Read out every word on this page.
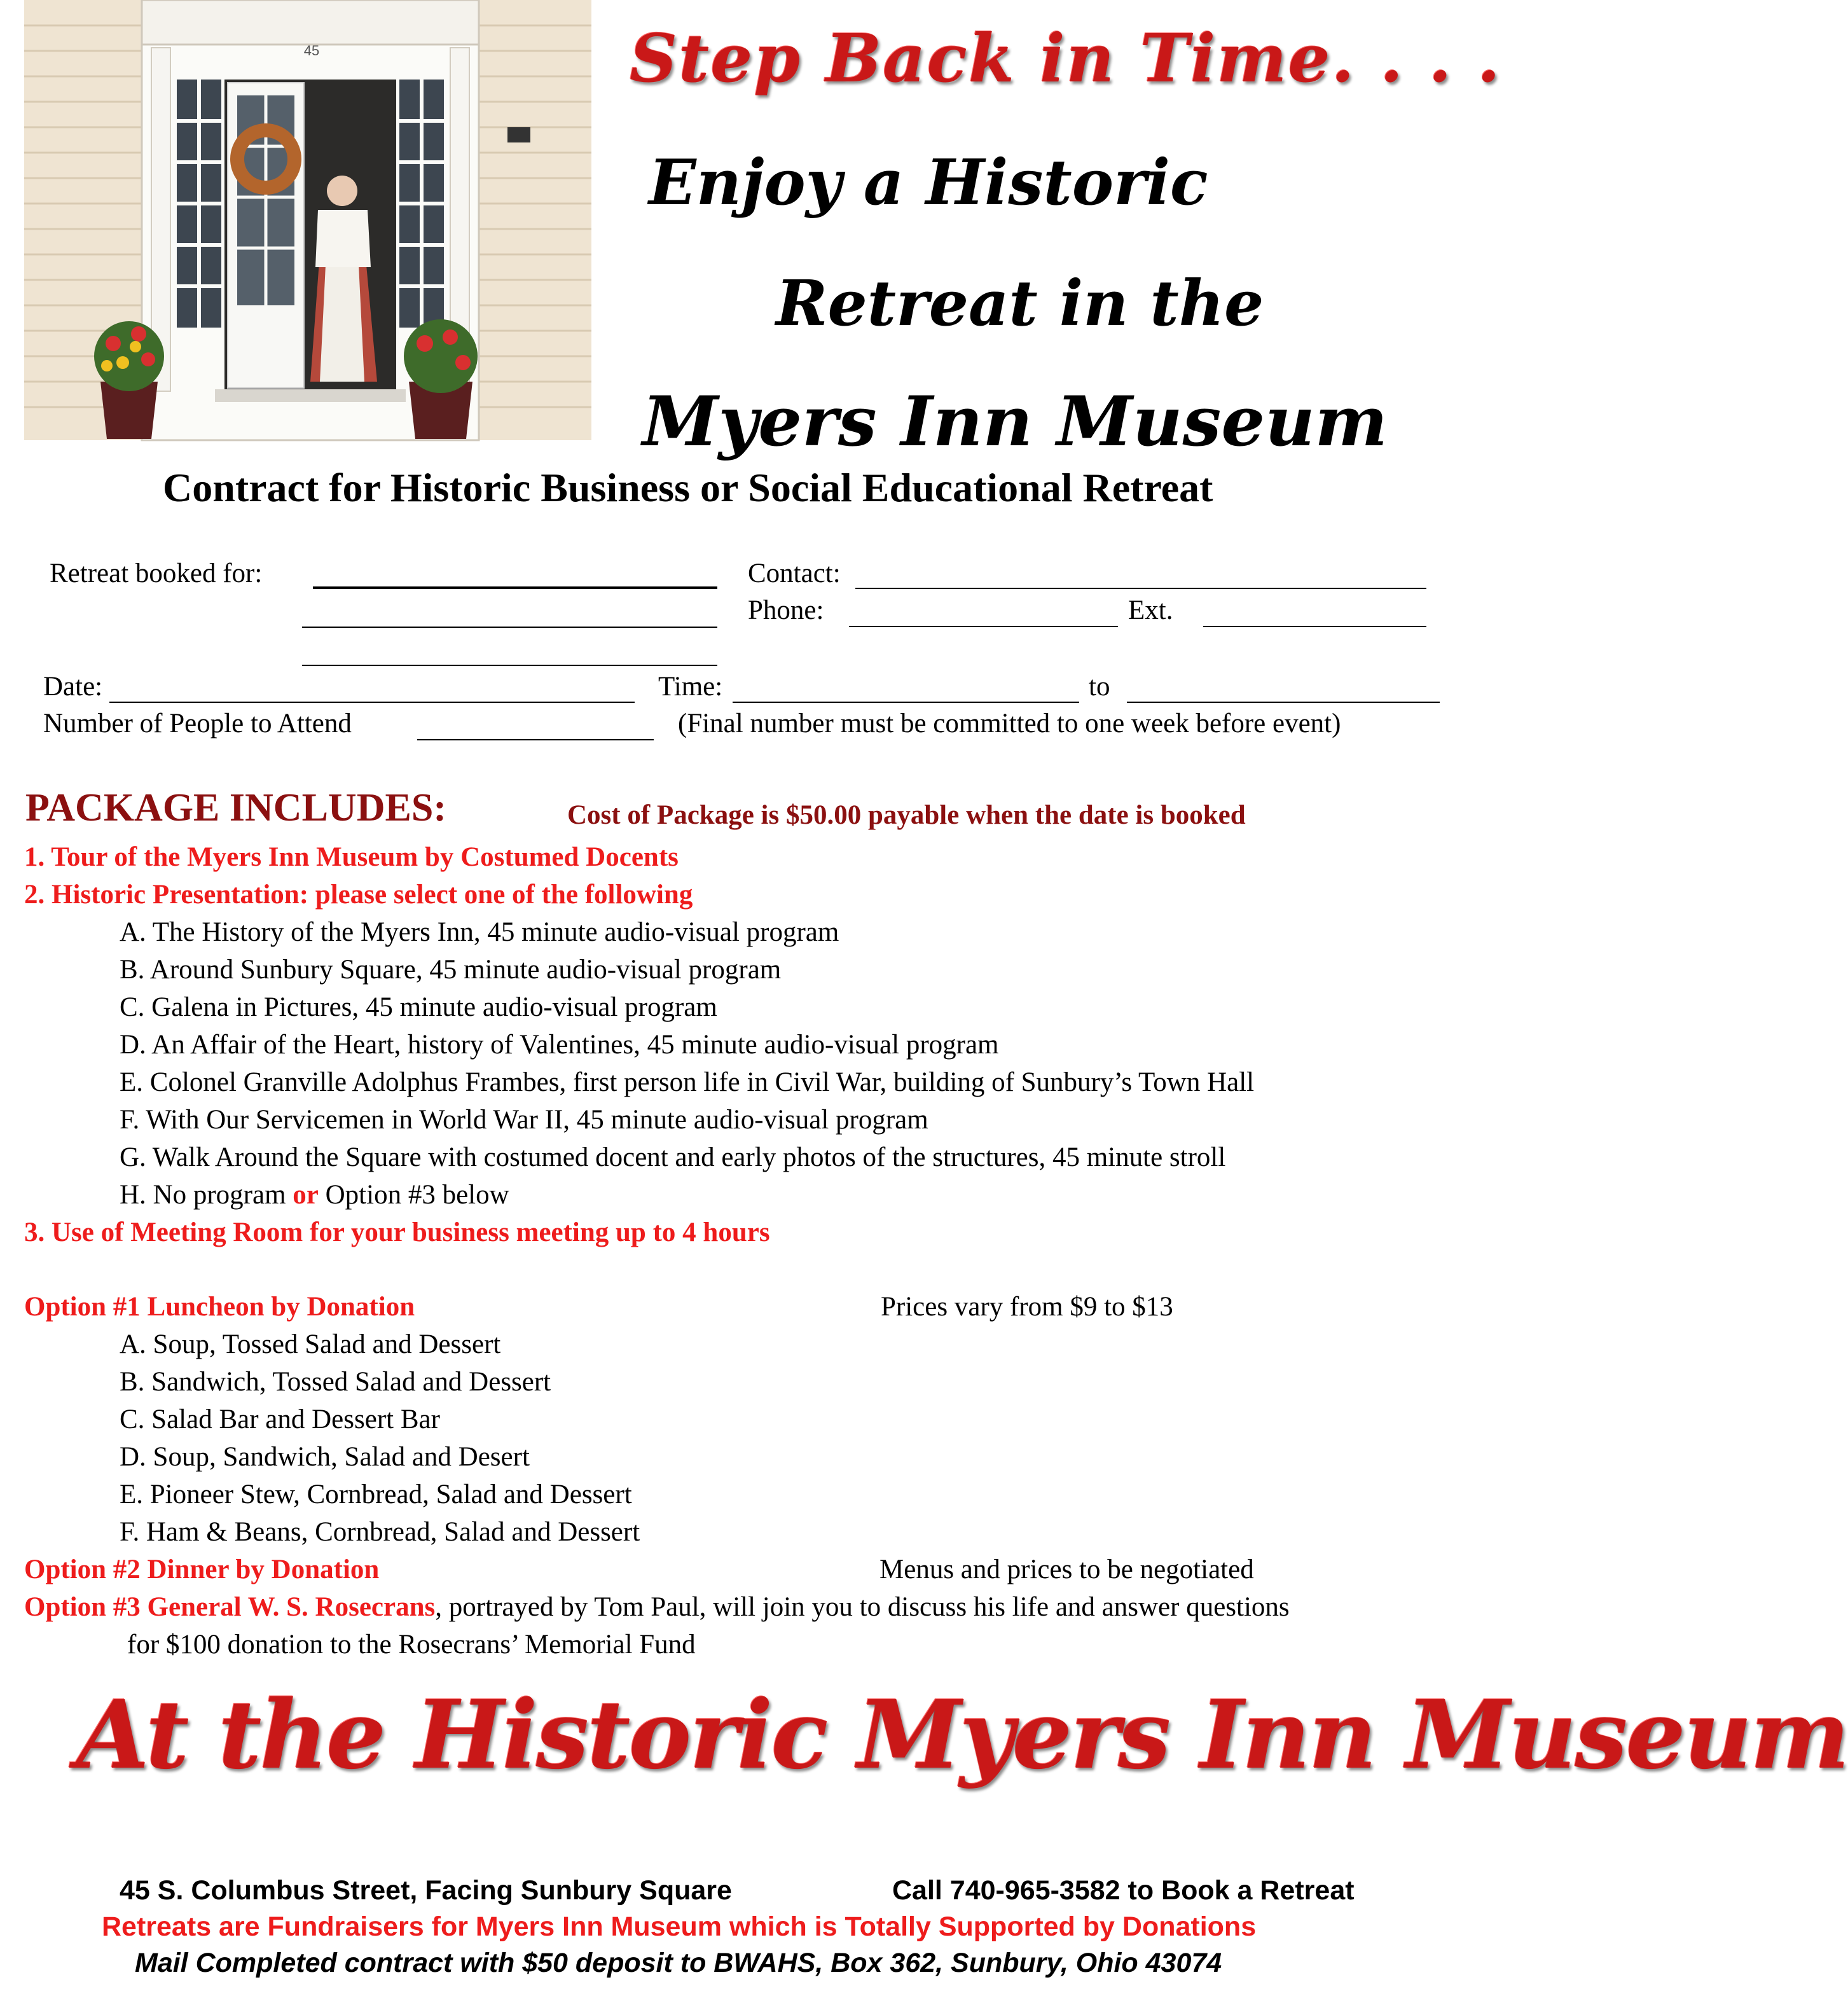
45	Step Back in Time. . . .
Enjoy a Historic
Retreat in the
Myers Inn Museum
Contract for Historic Business or Social Educational Retreat
Retreat booked for:	Contact:
Phone:	Ext.
Date:	Time:	to
Number of People to Attend	(Final number must be committed to one week before event)
PACKAGE INCLUDES:	Cost of Package is $50.00 payable when the date is booked
1. Tour of the Myers Inn Museum by Costumed Docents
2. Historic Presentation: please select one of the following
A. The History of the Myers Inn, 45 minute audio-visual program
B. Around Sunbury Square, 45 minute audio-visual program
C. Galena in Pictures, 45 minute audio-visual program
D. An Affair of the Heart, history of Valentines, 45 minute audio-visual program
E. Colonel Granville Adolphus Frambes, first person life in Civil War, building of Sunbury’s Town Hall
F. With Our Servicemen in World War II, 45 minute audio-visual program
G. Walk Around the Square with costumed docent and early photos of the structures, 45 minute stroll
H. No program or Option #3 below
3. Use of Meeting Room for your business meeting up to 4 hours
Option #1 Luncheon by Donation	Prices vary from $9 to $13
A. Soup, Tossed Salad and Dessert
B. Sandwich, Tossed Salad and Dessert
C. Salad Bar and Dessert Bar
D. Soup, Sandwich, Salad and Desert
E. Pioneer Stew, Cornbread, Salad and Dessert
F. Ham & Beans, Cornbread, Salad and Dessert
Option #2 Dinner by Donation	Menus and prices to be negotiated
Option #3 General W. S. Rosecrans, portrayed by Tom Paul, will join you to discuss his life and answer questions
for $100 donation to the Rosecrans’ Memorial Fund
At the Historic Myers Inn Museum
45 S. Columbus Street, Facing Sunbury Square	Call 740-965-3582 to Book a Retreat
Retreats are Fundraisers for Myers Inn Museum which is Totally Supported by Donations
Mail Completed contract with $50 deposit to BWAHS, Box 362, Sunbury, Ohio 43074
